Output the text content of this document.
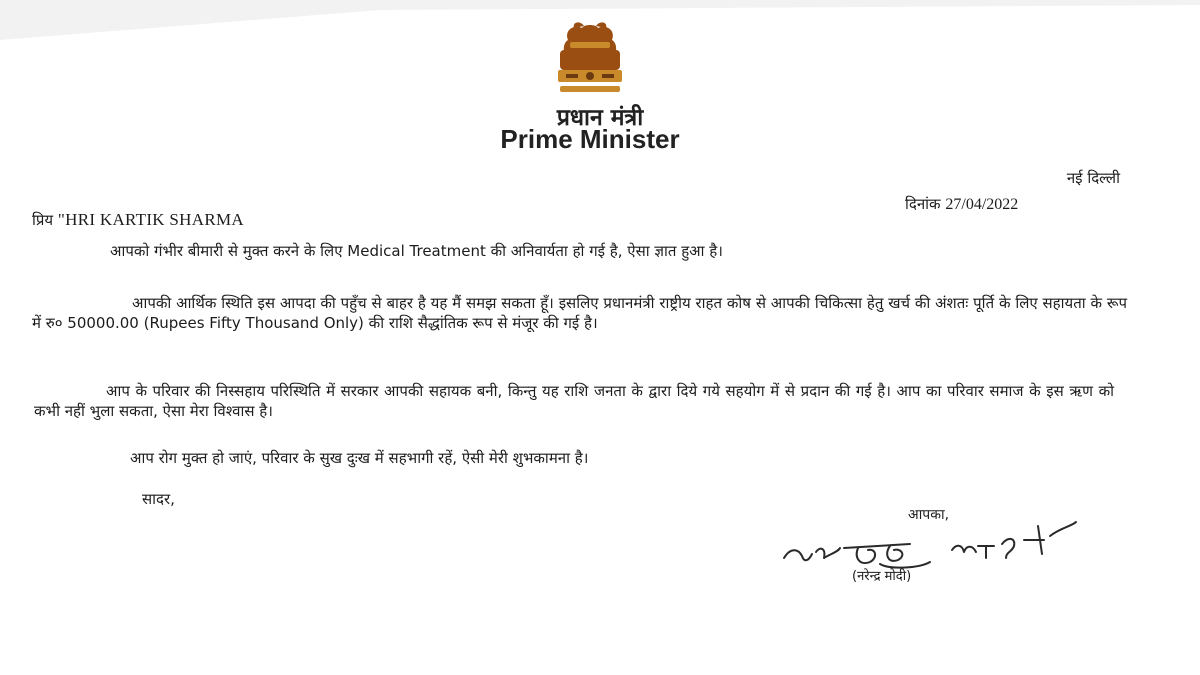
प्रधान मंत्री
Prime Minister
नई दिल्ली
दिनांक 27/04/2022
प्रिय "HRI KARTIK SHARMA
आपको गंभीर बीमारी से मुक्त करने के लिए Medical Treatment की अनिवार्यता हो गई है, ऐसा ज्ञात हुआ है।
आपकी आर्थिक स्थिति इस आपदा की पहुँच से बाहर है यह मैं समझ सकता हूँ। इसलिए प्रधानमंत्री राष्ट्रीय राहत कोष से आपकी चिकित्सा हेतु खर्च की अंशतः पूर्ति के लिए सहायता के रूप में रु० 50000.00 (Rupees Fifty Thousand Only) की राशि सैद्धांतिक रूप से मंजूर की गई है।
आप के परिवार की निस्सहाय परिस्थिति में सरकार आपकी सहायक बनी, किन्तु यह राशि जनता के द्वारा दिये गये सहयोग में से प्रदान की गई है। आप का परिवार समाज के इस ऋण को कभी नहीं भुला सकता, ऐसा मेरा विश्वास है।
आप रोग मुक्त हो जाएं, परिवार के सुख दुःख में सहभागी रहें, ऐसी मेरी शुभकामना है।
सादर,
आपका,
(नरेन्द्र मोदी)
